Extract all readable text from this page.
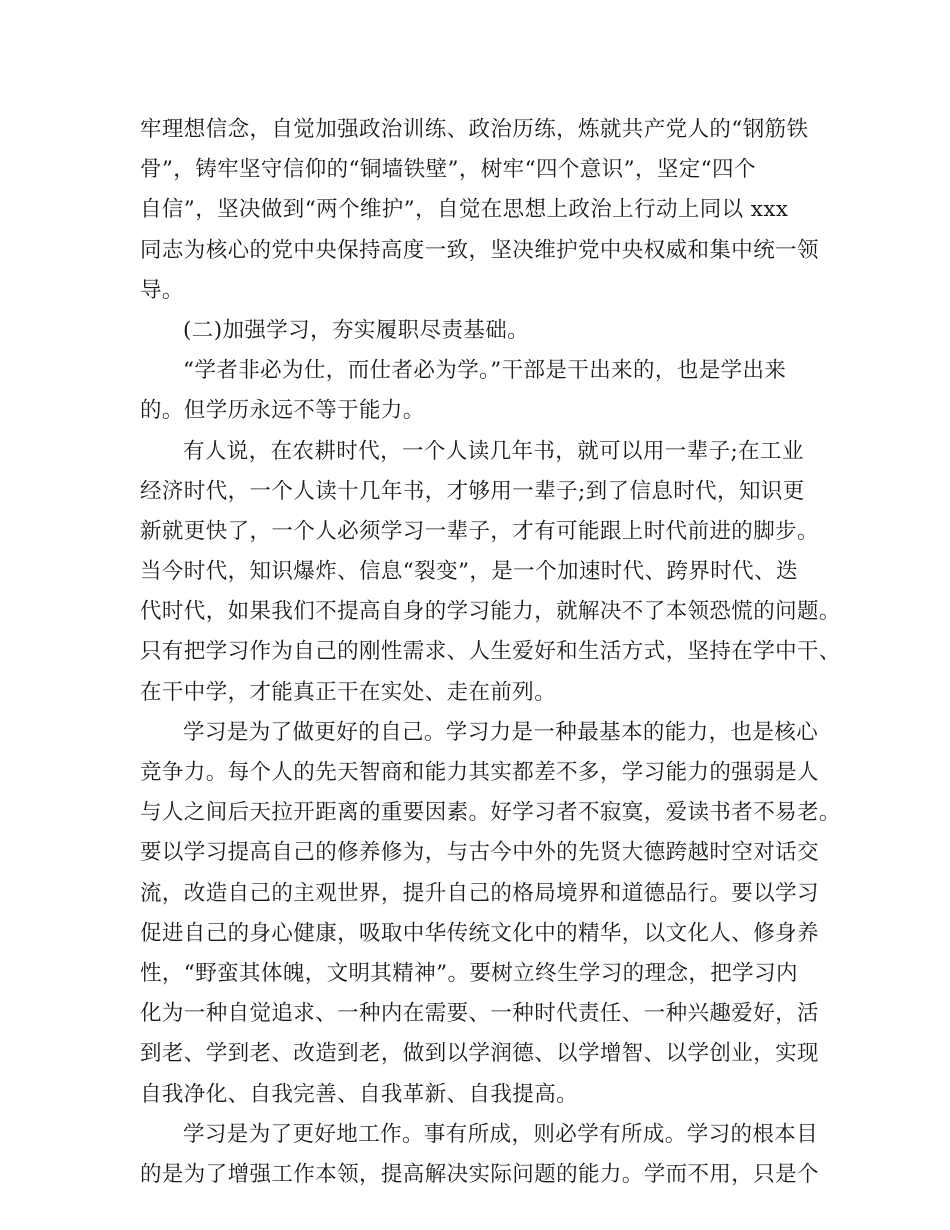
牢理想信念，自觉加强政治训练、政治历练，炼就共产党人的“钢筋铁
骨”，铸牢坚守信仰的“铜墙铁壁”，树牢“四个意识”，坚定“四个
自信”，坚决做到“两个维护”，自觉在思想上政治上行动上同以 xxx
同志为核心的党中央保持高度一致，坚决维护党中央权威和集中统一领
导。
(二)加强学习，夯实履职尽责基础。
“学者非必为仕，而仕者必为学。”干部是干出来的，也是学出来
的。但学历永远不等于能力。
有人说，在农耕时代，一个人读几年书，就可以用一辈子;在工业
经济时代，一个人读十几年书，才够用一辈子;到了信息时代，知识更
新就更快了，一个人必须学习一辈子，才有可能跟上时代前进的脚步。
当今时代，知识爆炸、信息“裂变”，是一个加速时代、跨界时代、迭
代时代，如果我们不提高自身的学习能力，就解决不了本领恐慌的问题。
只有把学习作为自己的刚性需求、人生爱好和生活方式，坚持在学中干、
在干中学，才能真正干在实处、走在前列。
学习是为了做更好的自己。学习力是一种最基本的能力，也是核心
竞争力。每个人的先天智商和能力其实都差不多，学习能力的强弱是人
与人之间后天拉开距离的重要因素。好学习者不寂寞，爱读书者不易老。
要以学习提高自己的修养修为，与古今中外的先贤大德跨越时空对话交
流，改造自己的主观世界，提升自己的格局境界和道德品行。要以学习
促进自己的身心健康，吸取中华传统文化中的精华，以文化人、修身养
性，“野蛮其体魄，文明其精神”。要树立终生学习的理念，把学习内
化为一种自觉追求、一种内在需要、一种时代责任、一种兴趣爱好，活
到老、学到老、改造到老，做到以学润德、以学增智、以学创业，实现
自我净化、自我完善、自我革新、自我提高。
学习是为了更好地工作。事有所成，则必学有所成。学习的根本目
的是为了增强工作本领，提高解决实际问题的能力。学而不用，只是个
